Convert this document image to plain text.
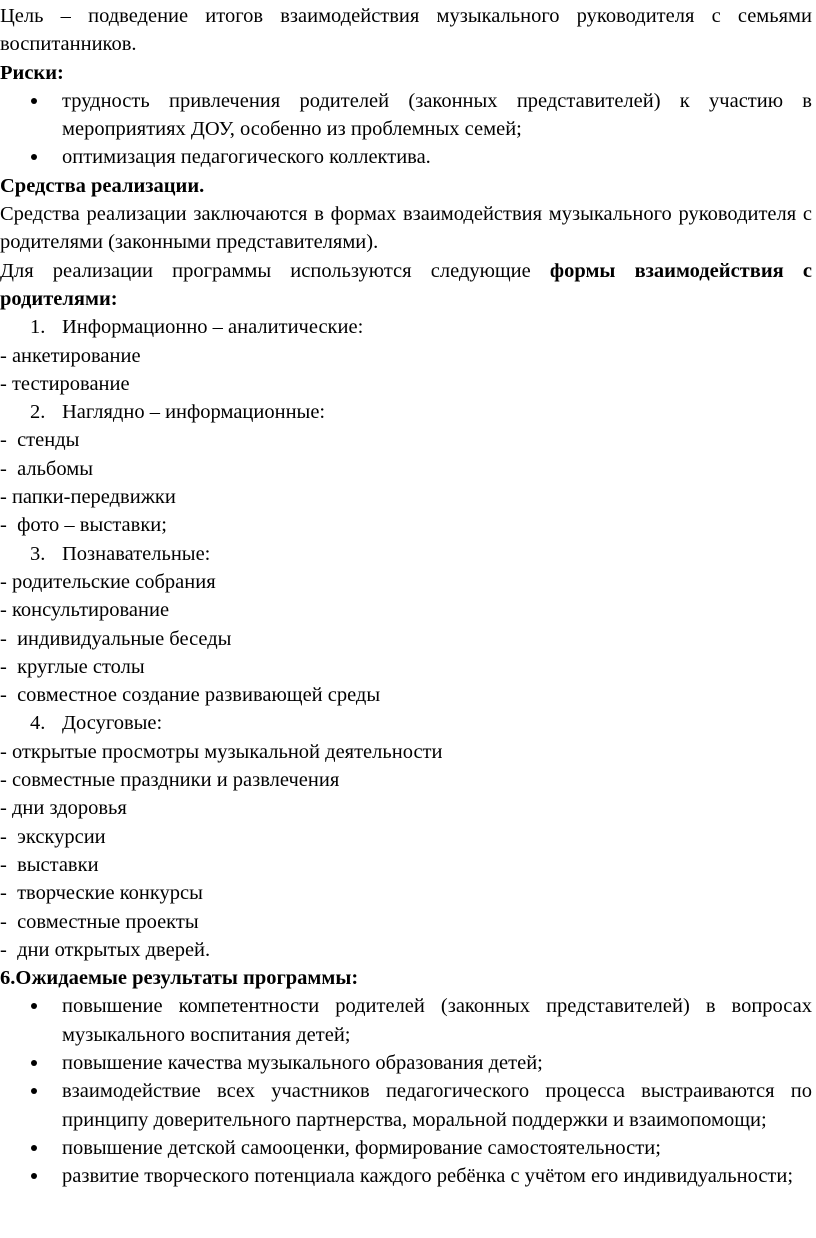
Цель – подведение итогов взаимодействия музыкального руководителя с семьями воспитанников.

Риски:

трудность привлечения родителей (законных представителей) к участию в мероприятиях ДОУ, особенно из проблемных семей;
оптимизация педагогического коллектива.

Средства реализации.

Средства реализации заключаются в формах взаимодействия музыкального руководителя с родителями (законными представителями).

Для реализации программы используются следующие формы взаимодействия с родителями:

1. Информационно – аналитические:

- анкетирование

- тестирование

2. Наглядно – информационные:

-  стенды

-  альбомы

- папки-передвижки

-  фото – выставки;

3. Познавательные:

- родительские собрания

- консультирование

-  индивидуальные беседы

-  круглые столы

-  совместное создание развивающей среды

4. Досуговые:

- открытые просмотры музыкальной деятельности

- совместные праздники и развлечения

- дни здоровья

-  экскурсии

-  выставки

-  творческие конкурсы

-  совместные проекты

-  дни открытых дверей.

6.Ожидаемые результаты программы:

повышение компетентности родителей (законных представителей) в вопросах музыкального воспитания детей;
повышение качества музыкального образования детей;
взаимодействие всех участников педагогического процесса выстраиваются по принципу доверительного партнерства, моральной поддержки и взаимопомощи;
повышение детской самооценки, формирование самостоятельности;
развитие творческого потенциала каждого ребёнка с учётом его индивидуальности;
